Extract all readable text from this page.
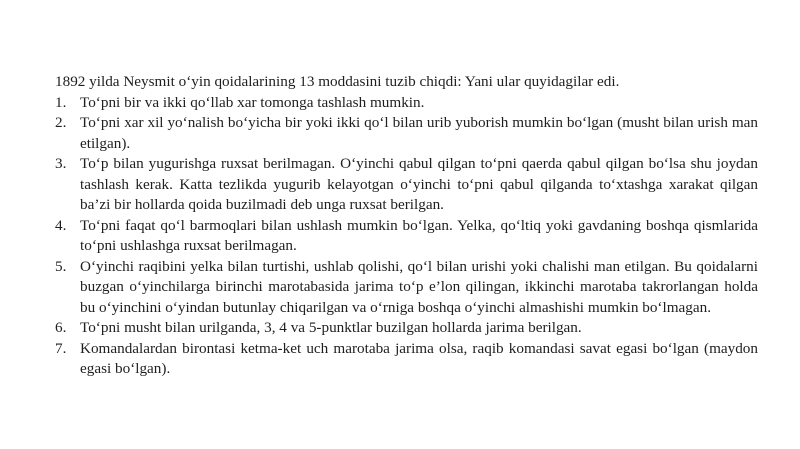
1892 yilda Neysmit o‘yin qoidalarining 13 moddasini tuzib chiqdi: Yani ular quyidagilar edi.

1. To‘pni bir va ikki qo‘llab xar tomonga tashlash mumkin.
2. To‘pni xar xil yo‘nalish bo‘yicha bir yoki ikki qo‘l bilan urib yuborish mumkin bo‘lgan (musht bilan urish man etilgan).
3. To‘p bilan yugurishga ruxsat berilmagan. O‘yinchi qabul qilgan to‘pni qaerda qabul qilgan bo‘lsa shu joydan tashlash kerak. Katta tezlikda yugurib kelayotgan o‘yinchi to‘pni qabul qilganda to‘xtashga xarakat qilgan ba’zi bir hollarda qoida buzilmadi deb unga ruxsat berilgan.
4. To‘pni faqat qo‘l barmoqlari bilan ushlash mumkin bo‘lgan. Yelka, qo‘ltiq yoki gavdaning boshqa qismlarida to‘pni ushlashga ruxsat berilmagan.
5. O‘yinchi raqibini yelka bilan turtishi, ushlab qolishi, qo‘l bilan urishi yoki chalishi man etilgan. Bu qoidalarni buzgan o‘yinchilarga birinchi marotabasida jarima to‘p e’lon qilingan, ikkinchi marotaba takrorlangan holda bu o‘yinchini o‘yindan butunlay chiqarilgan va o‘rniga boshqa o‘yinchi almashishi mumkin bo‘lmagan.
6. To‘pni musht bilan urilganda, 3, 4 va 5-punktlar buzilgan hollarda jarima berilgan.
7. Komandalardan birontasi ketma-ket uch marotaba jarima olsa, raqib komandasi savat egasi bo‘lgan (maydon egasi bo‘lgan).
